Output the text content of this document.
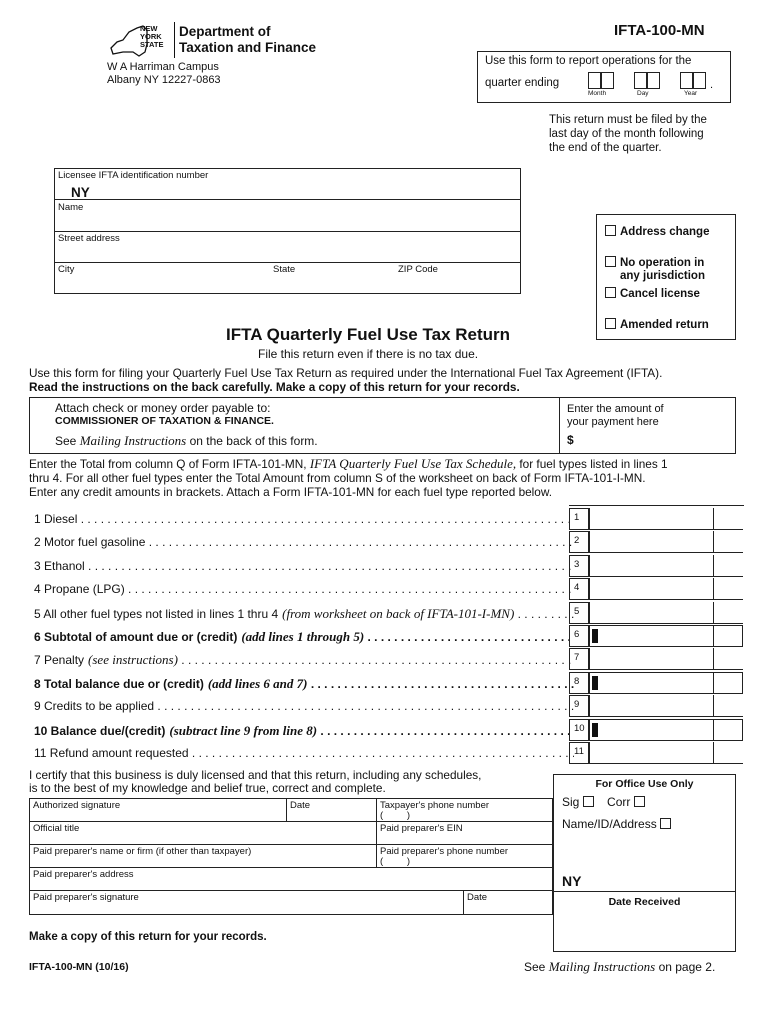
NEW
YORK
STATE
Department of
Taxation and Finance
W A Harriman Campus
Albany NY 12227-0863
IFTA-100-MN
Use this form to report operations for the
quarter ending	.
Month	Day	Year
This return must be filed by the
last day of the month following
the end of the quarter.
Licensee IFTA identification number
NY
Name
Street address
City	State	ZIP Code
Address change
No operation in
any jurisdiction
Cancel license
Amended return
IFTA Quarterly Fuel Use Tax Return
File this return even if there is no tax due.
Use this form for filing your Quarterly Fuel Use Tax Return as required under the International Fuel Tax Agreement (IFTA).
Read the instructions on the back carefully. Make a copy of this return for your records.
Attach check or money order payable to:
COMMISSIONER OF TAXATION & FINANCE.
See Mailing Instructions on the back of this form.
Enter the amount of
your payment here
$
Enter the Total from column Q of Form IFTA-101-MN, IFTA Quarterly Fuel Use Tax Schedule, for fuel types listed in lines 1
thru 4. For all other fuel types enter the Total Amount from column S of the worksheet on back of Form IFTA-101-I-MN.
Enter any credit amounts in brackets. Attach a Form IFTA-101-MN for each fuel type reported below.
1 Diesel . . .	1
2 Motor fuel gasoline . . .	2
3 Ethanol . . .	3
4 Propane (LPG) . . .	4
5 All other fuel types not listed in lines 1 thru 4 (from worksheet on back of IFTA-101-I-MN) . . .	5
6 Subtotal of amount due or (credit) (add lines 1 through 5) . . .	6
7 Penalty (see instructions) . . .	7
8 Total balance due or (credit) (add lines 6 and 7) . . .	8
9 Credits to be applied . . .	9
10 Balance due/(credit) (subtract line 9 from line 8) . . .	10
11 Refund amount requested . . .	11
I certify that this business is duly licensed and that this return, including any schedules,
is to the best of my knowledge and belief true, correct and complete.
Authorized signature	Date	Taxpayer's phone number
(         )
Official title	Paid preparer's EIN
Paid preparer's name or firm (if other than taxpayer)	Paid preparer's phone number
(         )
Paid preparer's address
Paid preparer's signature	Date
For Office Use Only
Sig Corr
Name/ID/Address
NY
Date Received
Make a copy of this return for your records.
IFTA-100-MN (10/16)	See Mailing Instructions on page 2.
